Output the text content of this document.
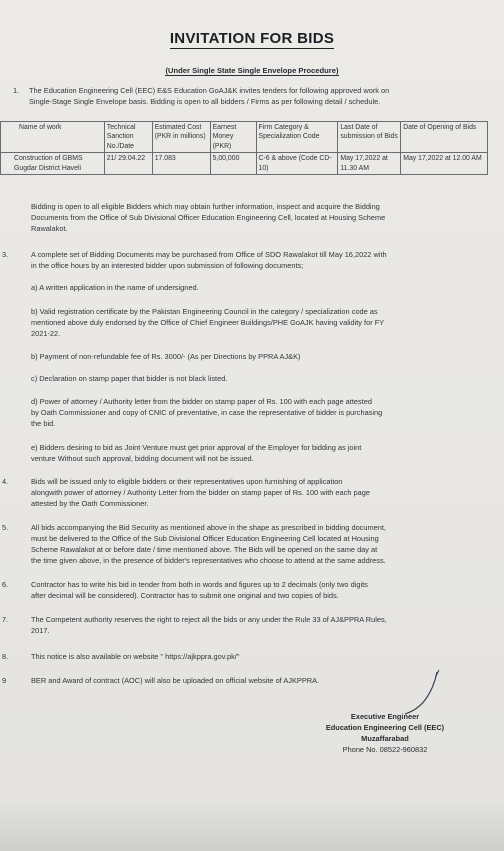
INVITATION FOR BIDS
(Under Single State Single Envelope Procedure)
1. The Education Engineering Cell (EEC) E&S Education GoAJ&K invites tenders for following approved work on
Single-Stage Single Envelope basis. Bidding is open to all bidders / Firms as per following detail / schedule.
Name of work	Technical Sanction No./Date	Estimated Cost (PKR in millions)	Earnest Money (PKR)	Firm Category & Specialization Code	Last Date of submission of Bids	Date of Opening of Bids
Construction of GBMS Gugdar District Haveli	21/ 29.04.22	17.083	5,00,000	C-6 & above (Code CD-10)	May 17,2022 at 11.30 AM	May 17,2022 at 12.00 AM
Bidding is open to all eligible Bidders which may obtain further information, inspect and acquire the Bidding
Documents from the Office of Sub Divisional Officer Education Engineering Cell, located at Housing Scheme
Rawalakot.
3.	A complete set of Bidding Documents may be purchased from Office of SDO Rawalakot till May 16,2022 with
in the office hours by an interested bidder upon submission of following documents;
a) A written application in the name of undersigned.
b) Valid registration certificate by the Pakistan Engineering Council in the category / specialization code as
mentioned above duly endorsed by the Office of Chief Engineer Buildings/PHE GoAJK having validity for FY
2021-22.
b) Payment of non-refundable fee of Rs. 3000/- (As per Directions by PPRA AJ&K)
c) Declaration on stamp paper that bidder is not black listed.
d) Power of attorney / Authority letter from the bidder on stamp paper of Rs. 100 with each page attested
by Oath Commissioner and copy of CNIC of preventative, in case the representative of bidder is purchasing
the bid.
e) Bidders desiring to bid as Joint Venture must get prior approval of the Employer for bidding as joint
venture Without such approval, bidding document will not be issued.
4.	Bids will be issued only to eligible bidders or their representatives upon furnishing of application
alongwith power of attorney / Authority Letter from the bidder on stamp paper of Rs. 100 with each page
attested by the Oath Commissioner.
5.	All bids accompanying the Bid Security as mentioned above in the shape as prescribed in bidding document,
must be delivered to the Office of the Sub Divisional Officer Education Engineering Cell located at Housing
Scheme Rawalakot at or before date / time mentioned above. The Bids will be opened on the same day at
the time given above, in the presence of bidder's representatives who choose to attend at the same address.
6.	Contractor has to write his bid in tender from both in words and figures up to 2 decimals (only two digits
after decimal will be considered). Contractor has to submit one original and two copies of bids.
7.	The Competent authority reserves the right to reject all the bids or any under the Rule 33 of AJ&PPRA Rules,
2017.
8.	This notice is also available on website " https://ajkppra.gov.pk/"
9	BER and Award of contract (AOC) will also be uploaded on official website of AJKPPRA.
Executive Engineer
Education Engineering Cell (EEC)
Muzaffarabad
Phone No. 08522-960832
